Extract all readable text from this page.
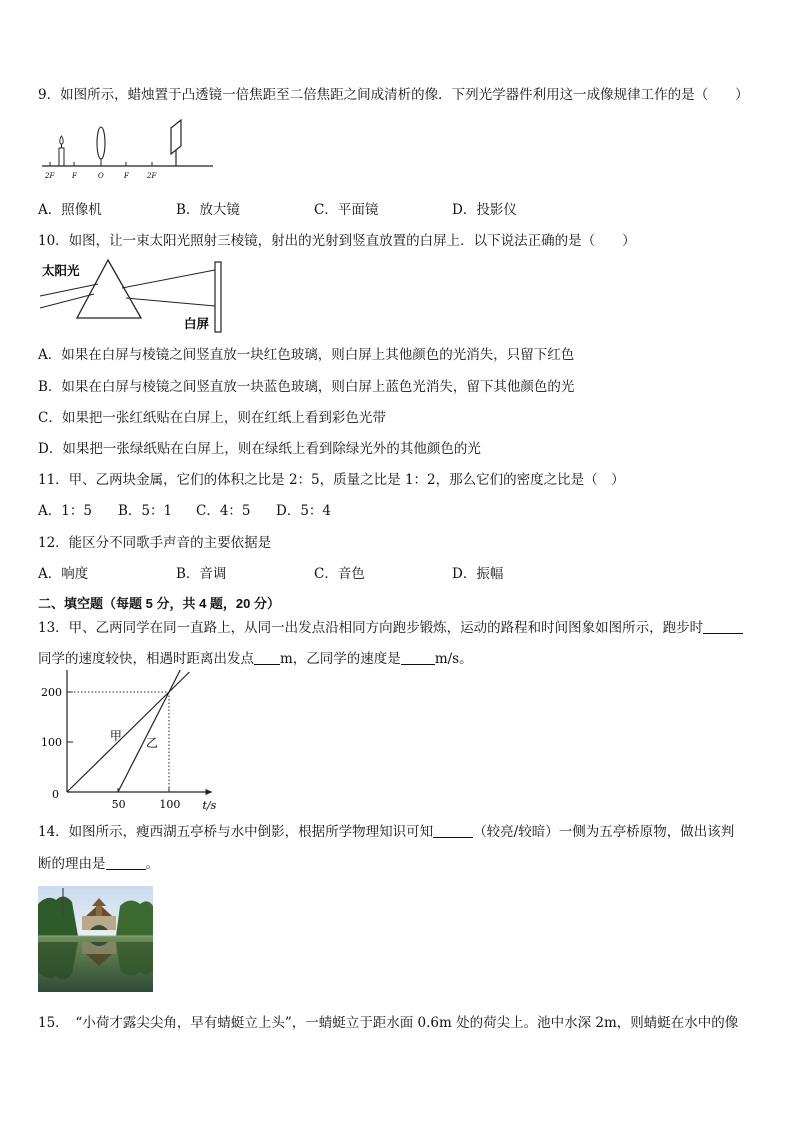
9．如图所示，蜡烛置于凸透镜一倍焦距至二倍焦距之间成清析的像．下列光学器件利用这一成像规律工作的是（　　）
2F	F	O	F	2F
A．照像机	B．放大镜	C．平面镜	D．投影仪
10．如图，让一束太阳光照射三棱镜，射出的光射到竖直放置的白屏上．以下说法正确的是（　　）
太阳光
白屏
A．如果在白屏与棱镜之间竖直放一块红色玻璃，则白屏上其他颜色的光消失，只留下红色
B．如果在白屏与棱镜之间竖直放一块蓝色玻璃，则白屏上蓝色光消失，留下其他颜色的光
C．如果把一张红纸贴在白屏上，则在红纸上看到彩色光带
D．如果把一张绿纸贴在白屏上，则在绿纸上看到除绿光外的其他颜色的光
11．甲、乙两块金属，它们的体积之比是 2：5，质量之比是 1：2，那么它们的密度之比是（　）
A．1：5 B．5：1 C．4：5 D．5：4
12．能区分不同歌手声音的主要依据是
A．响度	B．音调	C．音色	D．振幅
二、填空题（每题 5 分，共 4 题，20 分）
13．甲、乙两同学在同一直路上，从同一出发点沿相同方向跑步锻炼，运动的路程和时间图象如图所示，跑步时
同学的速度较快，相遇时距离出发点 m，乙同学的速度是	m/s。
t/s
0
100
200
50	100
甲 乙
14．如图所示，瘦西湖五亭桥与水中倒影，根据所学物理知识可知	（较亮/较暗）一侧为五亭桥原物，做出该判
断的理由是	。
15．　“小荷才露尖尖角，早有蜻蜓立上头”，一蜻蜓立于距水面 0.6m 处的荷尖上。池中水深 2m，则蜻蜓在水中的像
